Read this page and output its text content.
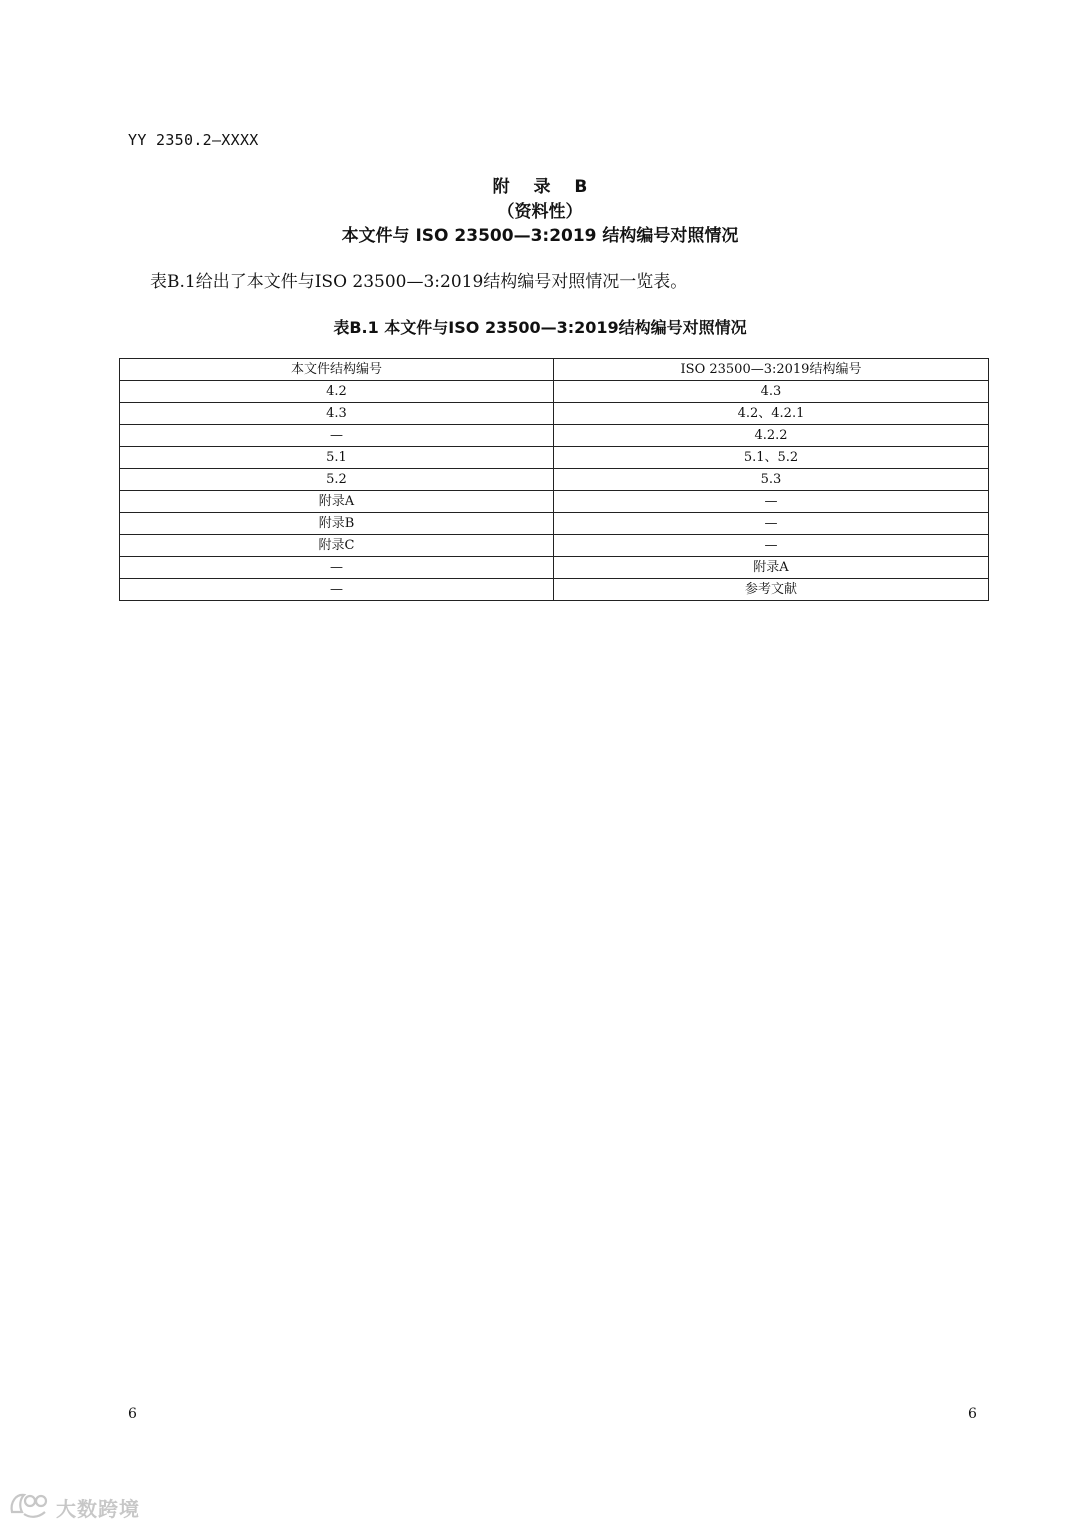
YY 2350.2—XXXX
附 录 B
（资料性）
本文件与 ISO 23500—3:2019 结构编号对照情况
表B.1给出了本文件与ISO 23500—3:2019结构编号对照情况一览表。
表B.1 本文件与ISO 23500—3:2019结构编号对照情况
本文件结构编号	ISO 23500—3:2019结构编号
4.2	4.3
4.3	4.2、4.2.1
—	4.2.2
5.1	5.1、5.2
5.2	5.3
附录A	—
附录B	—
附录C	—
—	附录A
—	参考文献
6	6
大数跨境
